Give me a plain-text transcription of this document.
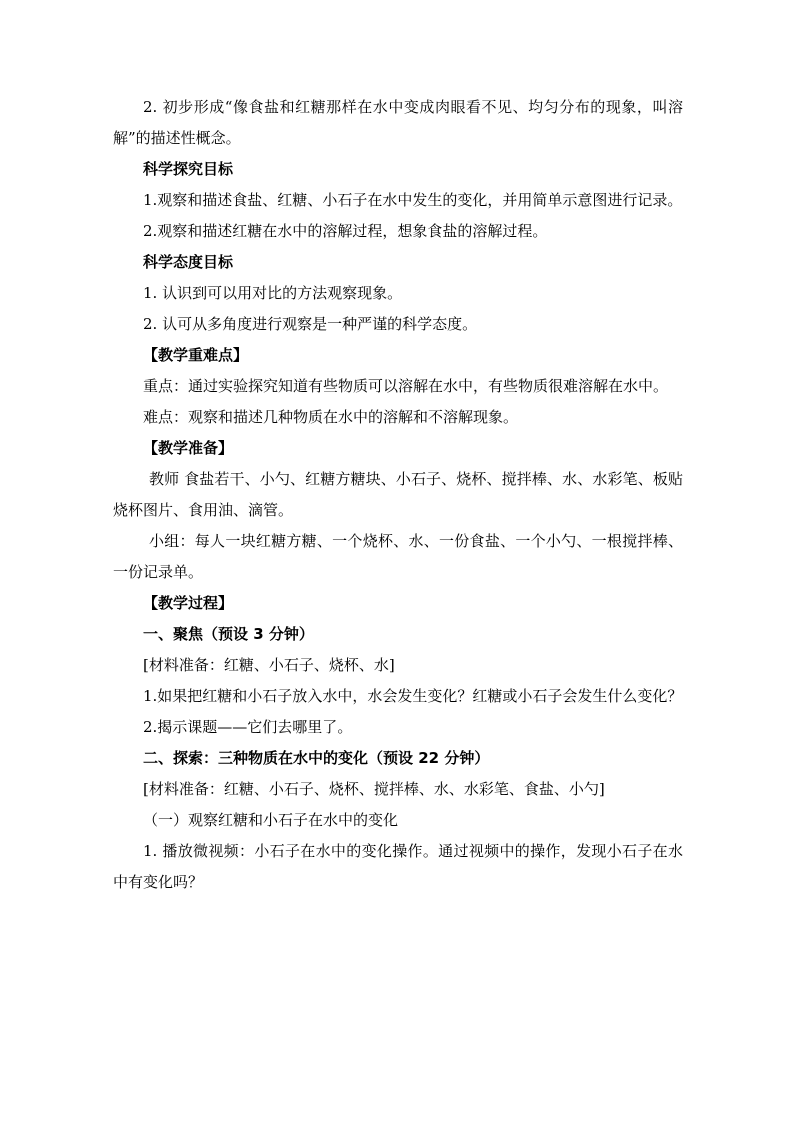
2. 初步形成“像食盐和红糖那样在水中变成肉眼看不见、均匀分布的现象，叫溶解”的描述性概念。

科学探究目标

1.观察和描述食盐、红糖、小石子在水中发生的变化，并用简单示意图进行记录。

2.观察和描述红糖在水中的溶解过程，想象食盐的溶解过程。

科学态度目标

1. 认识到可以用对比的方法观察现象。

2. 认可从多角度进行观察是一种严谨的科学态度。

【教学重难点】

重点：通过实验探究知道有些物质可以溶解在水中，有些物质很难溶解在水中。

难点：观察和描述几种物质在水中的溶解和不溶解现象。

【教学准备】

教师 食盐若干、小勺、红糖方糖块、小石子、烧杯、搅拌棒、水、水彩笔、板贴烧杯图片、食用油、滴管。

小组：每人一块红糖方糖、一个烧杯、水、一份食盐、一个小勺、一根搅拌棒、一份记录单。

【教学过程】

一、聚焦（预设 3 分钟）

[材料准备：红糖、小石子、烧杯、水]

1.如果把红糖和小石子放入水中，水会发生变化？红糖或小石子会发生什么变化？

2.揭示课题——它们去哪里了。

二、探索：三种物质在水中的变化（预设 22 分钟）

[材料准备：红糖、小石子、烧杯、搅拌棒、水、水彩笔、食盐、小勺]

（一）观察红糖和小石子在水中的变化

1. 播放微视频：小石子在水中的变化操作。通过视频中的操作，发现小石子在水中有变化吗？
